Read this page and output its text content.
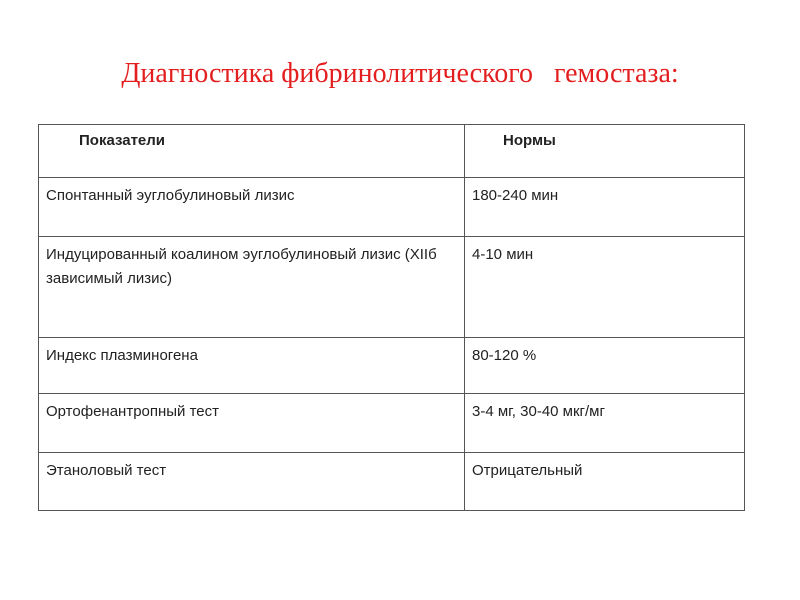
Диагностика фибринолитического   гемостаза:
Показатели	Нормы
Спонтанный эуглобулиновый лизис	180-240 мин
Индуцированный коалином эуглобулиновый лизис (XIIб зависимый лизис)	4-10 мин
Индекс плазминогена	80-120 %
Ортофенантропный тест	3-4 мг, 30-40 мкг/мг
Этаноловый тест	Отрицательный
